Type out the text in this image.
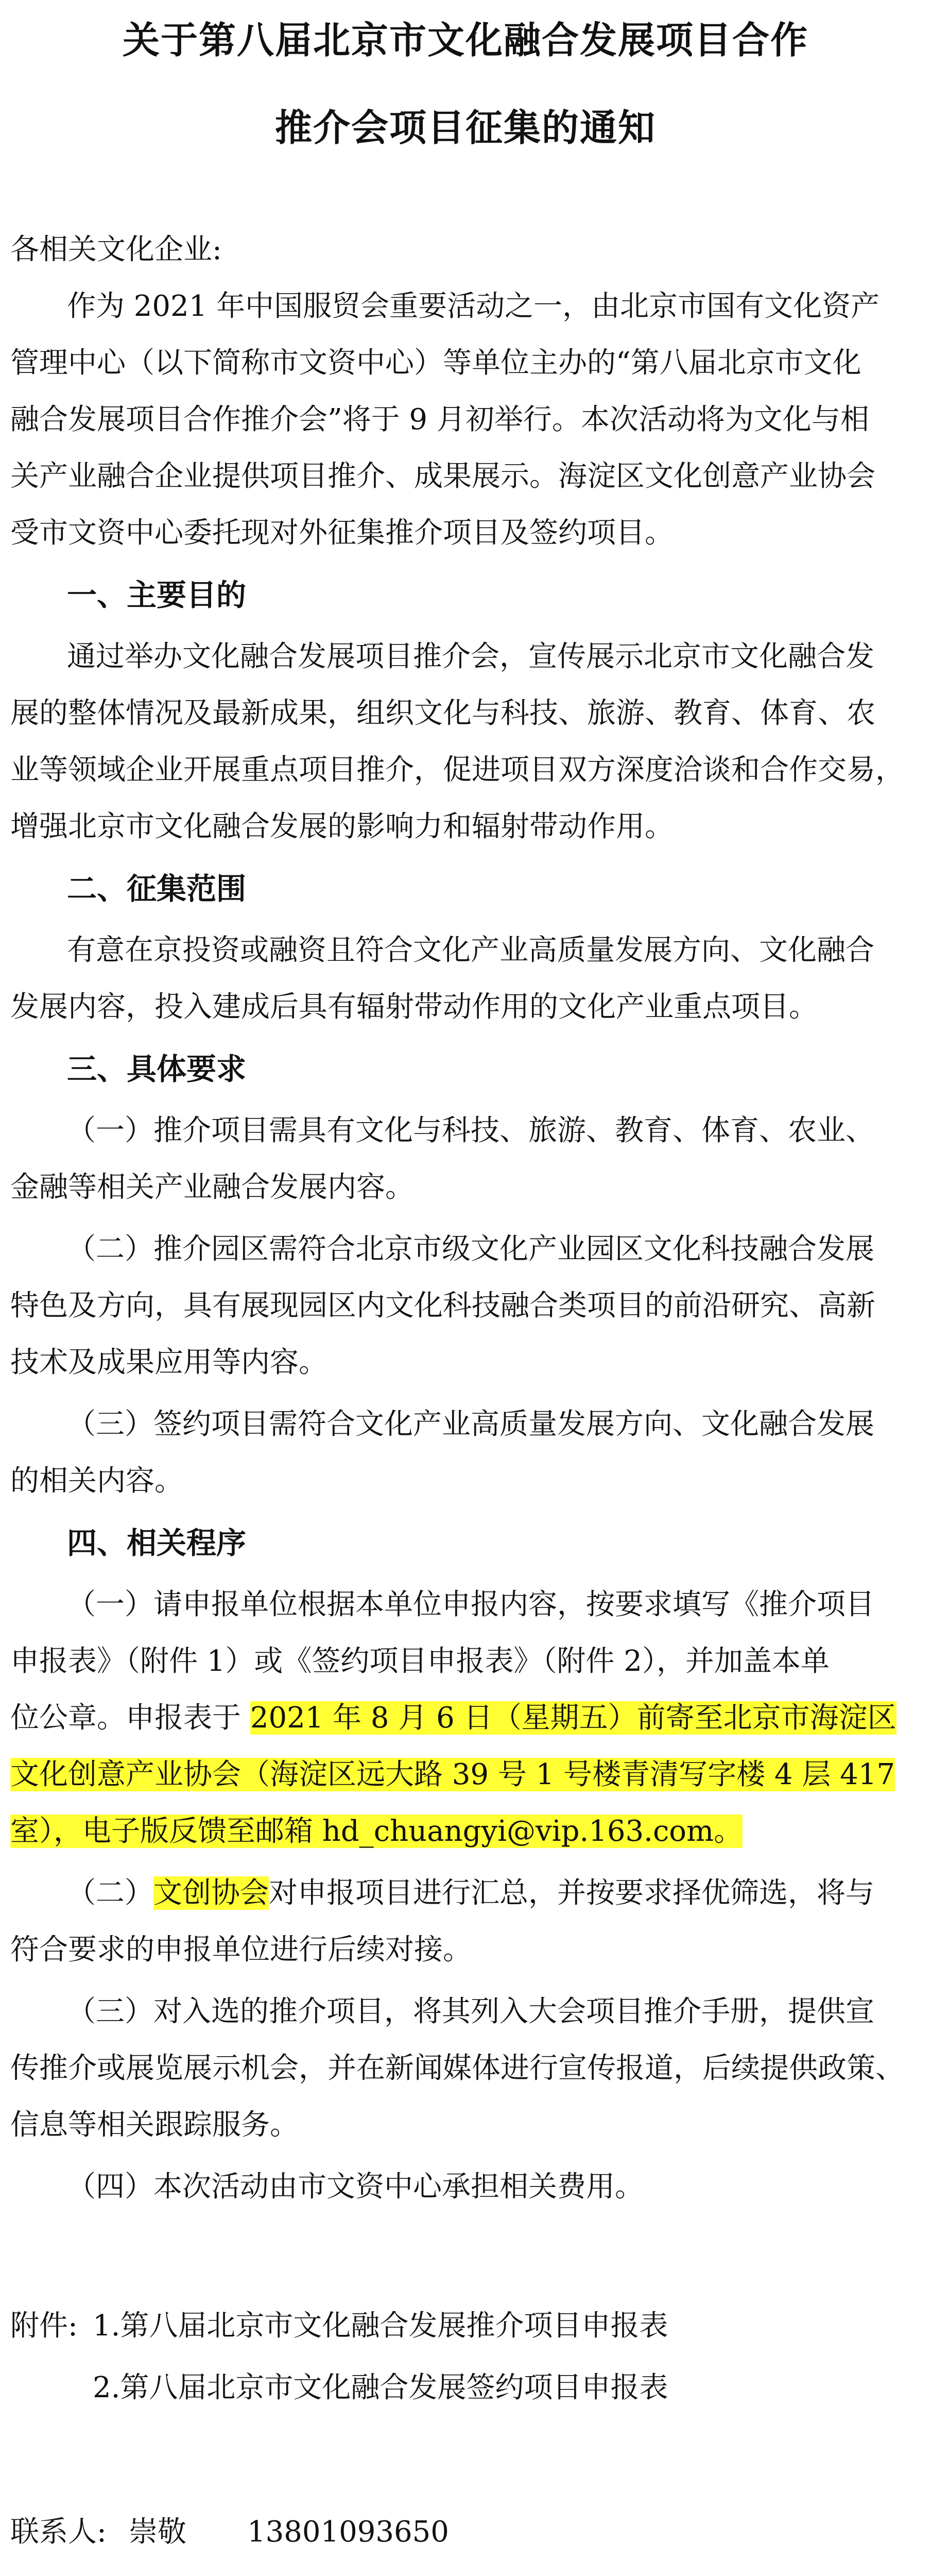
关于第八届北京市文化融合发展项目合作
推介会项目征集的通知
各相关文化企业:
作为 2021 年中国服贸会重要活动之一，由北京市国有文化资产
管理中心（以下简称市文资中心）等单位主办的“第八届北京市文化
融合发展项目合作推介会”将于 9 月初举行。本次活动将为文化与相
关产业融合企业提供项目推介、成果展示。海淀区文化创意产业协会
受市文资中心委托现对外征集推介项目及签约项目。
一、主要目的
通过举办文化融合发展项目推介会，宣传展示北京市文化融合发
展的整体情况及最新成果，组织文化与科技、旅游、教育、体育、农
业等领域企业开展重点项目推介，促进项目双方深度洽谈和合作交易，
增强北京市文化融合发展的影响力和辐射带动作用。
二、征集范围
有意在京投资或融资且符合文化产业高质量发展方向、文化融合
发展内容，投入建成后具有辐射带动作用的文化产业重点项目。
三、具体要求
（一）推介项目需具有文化与科技、旅游、教育、体育、农业、
金融等相关产业融合发展内容。
（二）推介园区需符合北京市级文化产业园区文化科技融合发展
特色及方向，具有展现园区内文化科技融合类项目的前沿研究、高新
技术及成果应用等内容。
（三）签约项目需符合文化产业高质量发展方向、文化融合发展
的相关内容。
四、相关程序
（一）请申报单位根据本单位申报内容，按要求填写《推介项目
申报表》（附件 1）或《签约项目申报表》（附件 2），并加盖本单
位公章。申报表于 2021 年 8 月 6 日（星期五）前寄至北京市海淀区
文化创意产业协会（海淀区远大路 39 号 1 号楼青清写字楼 4 层 417
室），电子版反馈至邮箱 hd_chuangyi@vip.163.com。
（二）文创协会对申报项目进行汇总，并按要求择优筛选，将与
符合要求的申报单位进行后续对接。
（三）对入选的推介项目，将其列入大会项目推介手册，提供宣
传推介或展览展示机会，并在新闻媒体进行宣传报道，后续提供政策、
信息等相关跟踪服务。
（四）本次活动由市文资中心承担相关费用。
附件: 1.第八届北京市文化融合发展推介项目申报表
2.第八届北京市文化融合发展签约项目申报表
联系人: 崇敬 13801093650
